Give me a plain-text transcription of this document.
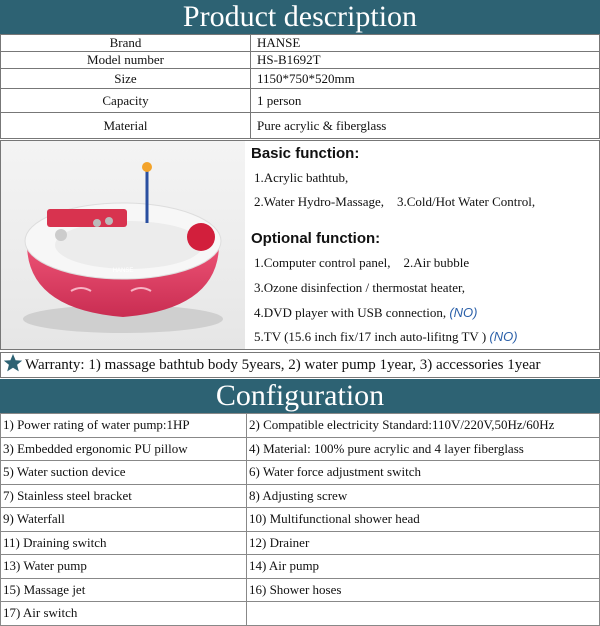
Product description
Brand	HANSE
Model number	HS-B1692T
Size	1150*750*520mm
Capacity	1 person
Material	Pure acrylic & fiberglass
HANSE
Basic function:
1.Acrylic bathtub,
2.Water Hydro-Massage,    3.Cold/Hot Water Control,
Optional function:
1.Computer control panel,    2.Air bubble
3.Ozone disinfection / thermostat heater,
4.DVD player with USB connection, (NO)
5.TV (15.6 inch fix/17 inch auto-lifitng TV ) (NO)
Warranty: 1) massage bathtub body 5years, 2) water pump 1year, 3) accessories 1year
Configuration
1) Power rating of water pump:1HP	2) Compatible electricity Standard:110V/220V,50Hz/60Hz
3) Embedded ergonomic PU pillow	4) Material: 100% pure acrylic and 4 layer fiberglass
5) Water suction device	6) Water force adjustment switch
7) Stainless steel bracket	8) Adjusting screw
9) Waterfall	10) Multifunctional shower head
11) Draining switch	12) Drainer
13) Water pump	14) Air pump
15) Massage jet	16) Shower hoses
17) Air switch	
